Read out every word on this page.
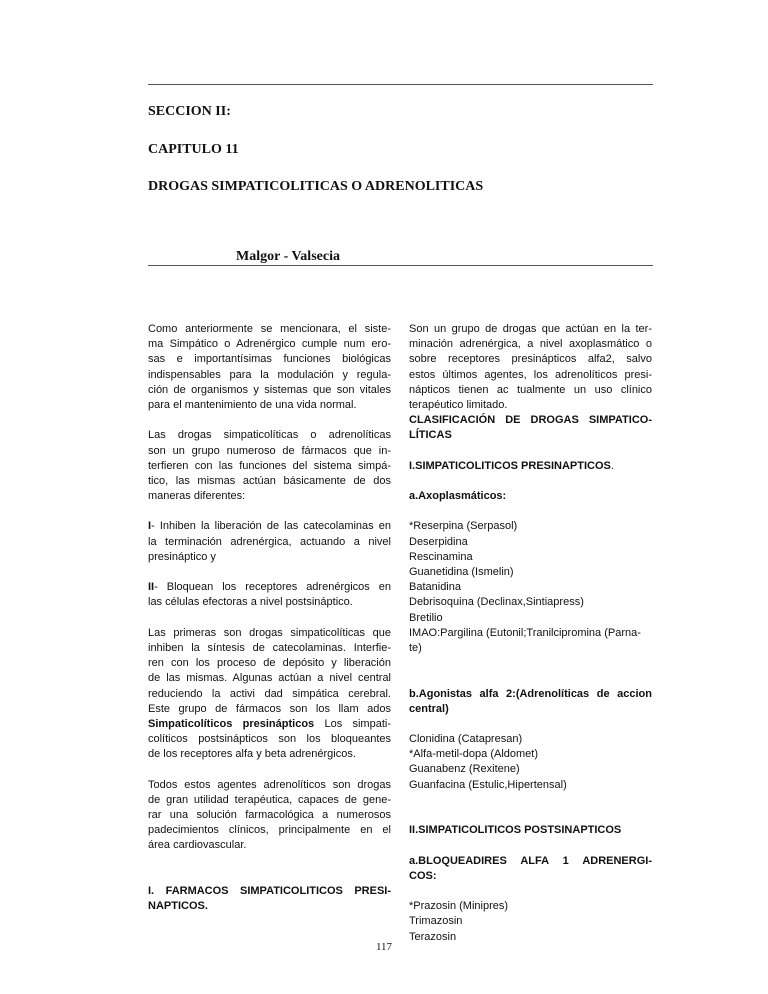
SECCION II:
CAPITULO 11
DROGAS SIMPATICOLITICAS O ADRENOLITICAS
Malgor - Valsecia
Como anteriormente se mencionara, el siste-
ma Simpático o Adrenérgico cumple num ero-
sas e importantísimas funciones biológicas
indispensables para la modulación y regula-
ción de organismos y sistemas que son vitales
para el mantenimiento de una vida normal.
Las drogas simpaticolíticas o adrenolíticas
son un grupo numeroso de fármacos que in-
terfieren con las funciones del sistema simpá-
tico, las mismas actúan básicamente de dos
maneras diferentes:
I- Inhiben la liberación de las catecolaminas en
la terminación adrenérgica, actuando a nivel
presináptico y
II- Bloquean los receptores adrenérgicos en
las células efectoras a nivel postsináptico.
Las primeras son drogas simpaticolíticas que
inhiben la síntesis de catecolaminas. Interfie-
ren con los proceso de depósito y liberación
de las mismas. Algunas actúan a nivel central
reduciendo la activi dad simpática cerebral.
Este grupo de fármacos son los llam ados
Simpaticolíticos presinápticos Los simpati-
colíticos postsinápticos son los bloqueantes
de los receptores alfa y beta adrenérgicos.
Todos estos agentes adrenolíticos son drogas
de gran utilidad terapéutica, capaces de gene-
rar una solución farmacológica a numerosos
padecimientos clínicos, principalmente en el
área cardiovascular.
I. FARMACOS SIMPATICOLITICOS PRESI-
NAPTICOS.
Son un grupo de drogas que actúan en la ter-
minación adrenérgica, a nivel axoplasmático o
sobre receptores presinápticos alfa2, salvo
estos últimos agentes, los adrenolíticos presi-
nápticos tienen ac tualmente un uso clínico
terapéutico limitado.
CLASIFICACIÓN DE DROGAS SIMPATICO-
LÍTICAS
I.SIMPATICOLITICOS PRESINAPTICOS.
a.Axoplasmáticos:
*Reserpina (Serpasol)
Deserpidina
Rescinamina
Guanetidina (Ismelin)
Batanidina
Debrisoquina (Declinax,Sintiapress)
Bretilio
IMAO:Pargilina (Eutonil;Tranilcipromina (Parna-
te)
b.Agonistas alfa 2:(Adrenolíticas de accion
central)
Clonidina (Catapresan)
*Alfa-metil-dopa (Aldomet)
Guanabenz (Rexitene)
Guanfacina (Estulic,Hipertensal)
II.SIMPATICOLITICOS POSTSINAPTICOS
a.BLOQUEADIRES ALFA 1 ADRENERGI-
COS:
*Prazosin (Minipres)
Trimazosin
Terazosin
117
